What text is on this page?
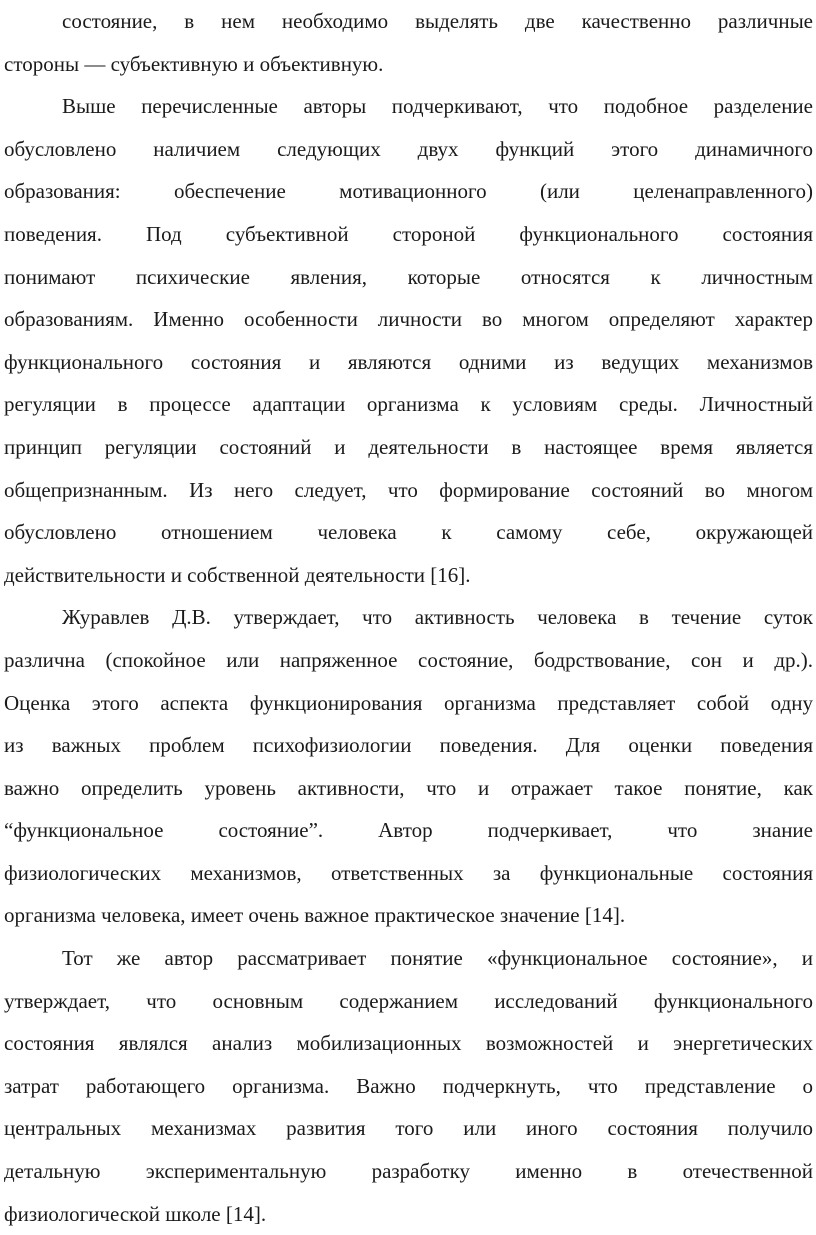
состояние, в нем необходимо выделять две качественно различные
стороны — субъективную и объективную.
Выше перечисленные авторы подчеркивают, что подобное разделение
обусловлено наличием следующих двух функций этого динамичного
образования: обеспечение мотивационного (или целенаправленного)
поведения. Под субъективной стороной функционального состояния
понимают психические явления, которые относятся к личностным
образованиям. Именно особенности личности во многом определяют характер
функционального состояния и являются одними из ведущих механизмов
регуляции в процессе адаптации организма к условиям среды. Личностный
принцип регуляции состояний и деятельности в настоящее время является
общепризнанным. Из него следует, что формирование состояний во многом
обусловлено отношением человека к самому себе, окружающей
действительности и собственной деятельности [16].
Журавлев Д.В. утверждает, что активность человека в течение суток
различна (спокойное или напряженное состояние, бодрствование, сон и др.).
Оценка этого аспекта функционирования организма представляет собой одну
из важных проблем психофизиологии поведения. Для оценки поведения
важно определить уровень активности, что и отражает такое понятие, как
“функциональное состояние”. Автор подчеркивает, что знание
физиологических механизмов, ответственных за функциональные состояния
организма человека, имеет очень важное практическое значение [14].
Тот же автор рассматривает понятие «функциональное состояние», и
утверждает, что основным содержанием исследований функционального
состояния являлся анализ мобилизационных возможностей и энергетических
затрат работающего организма. Важно подчеркнуть, что представление о
центральных механизмах развития того или иного состояния получило
детальную экспериментальную разработку именно в отечественной
физиологической школе [14].
